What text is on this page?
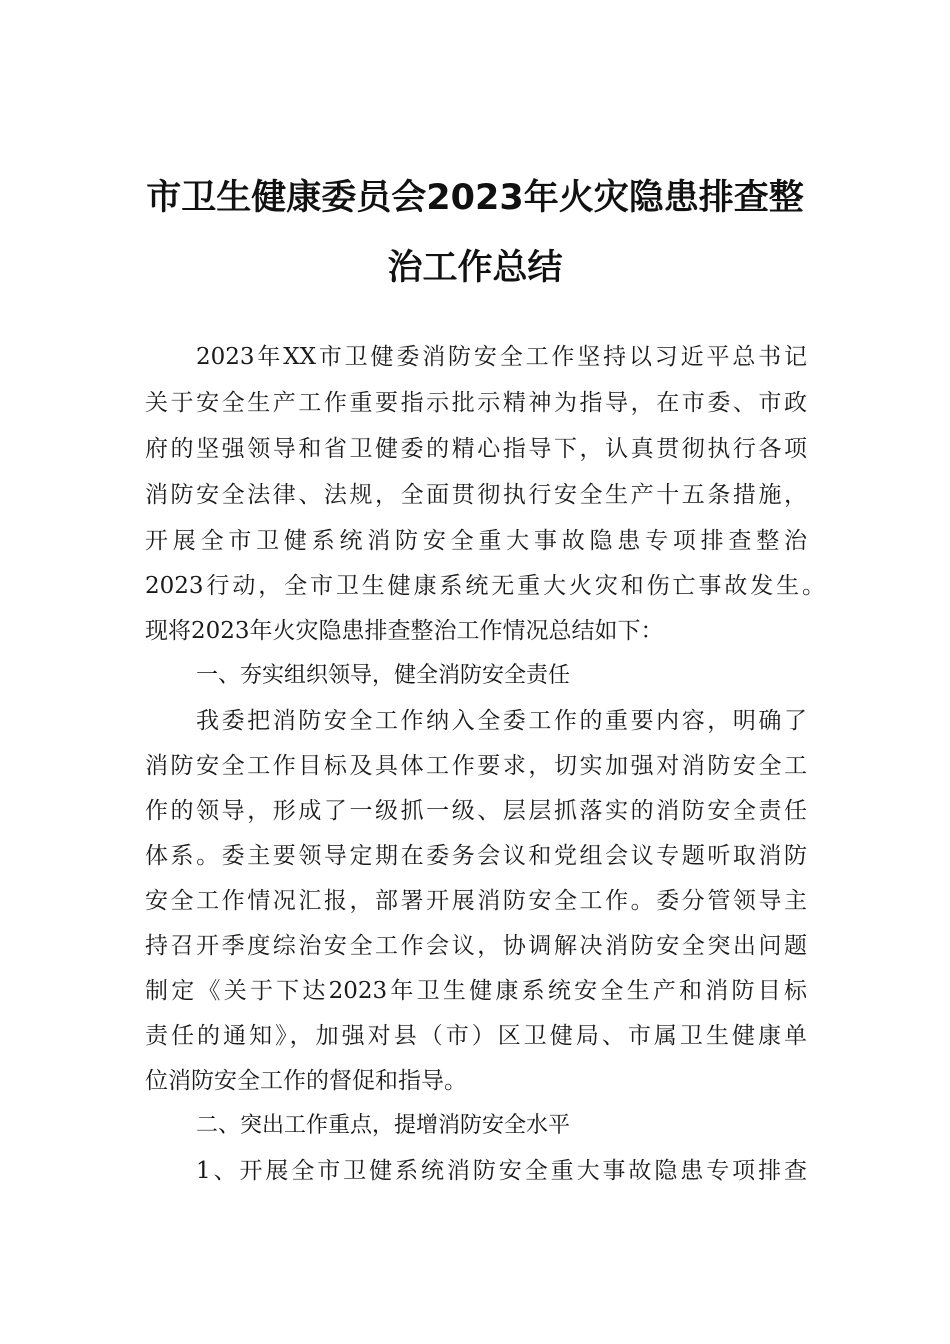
市卫生健康委员会2023年火灾隐患排查整
治工作总结
2023年XX市卫健委消防安全工作坚持以习近平总书记
关于安全生产工作重要指示批示精神为指导，在市委、市政
府的坚强领导和省卫健委的精心指导下，认真贯彻执行各项
消防安全法律、法规，全面贯彻执行安全生产十五条措施，
开展全市卫健系统消防安全重大事故隐患专项排查整治
2023行动，全市卫生健康系统无重大火灾和伤亡事故发生。
现将2023年火灾隐患排查整治工作情况总结如下：
一、夯实组织领导，健全消防安全责任
我委把消防安全工作纳入全委工作的重要内容，明确了
消防安全工作目标及具体工作要求，切实加强对消防安全工
作的领导，形成了一级抓一级、层层抓落实的消防安全责任
体系。委主要领导定期在委务会议和党组会议专题听取消防
安全工作情况汇报，部署开展消防安全工作。委分管领导主
持召开季度综治安全工作会议，协调解决消防安全突出问题
制定《关于下达2023年卫生健康系统安全生产和消防目标
责任的通知》，加强对县（市）区卫健局、市属卫生健康单
位消防安全工作的督促和指导。
二、突出工作重点，提增消防安全水平
1、开展全市卫健系统消防安全重大事故隐患专项排查
